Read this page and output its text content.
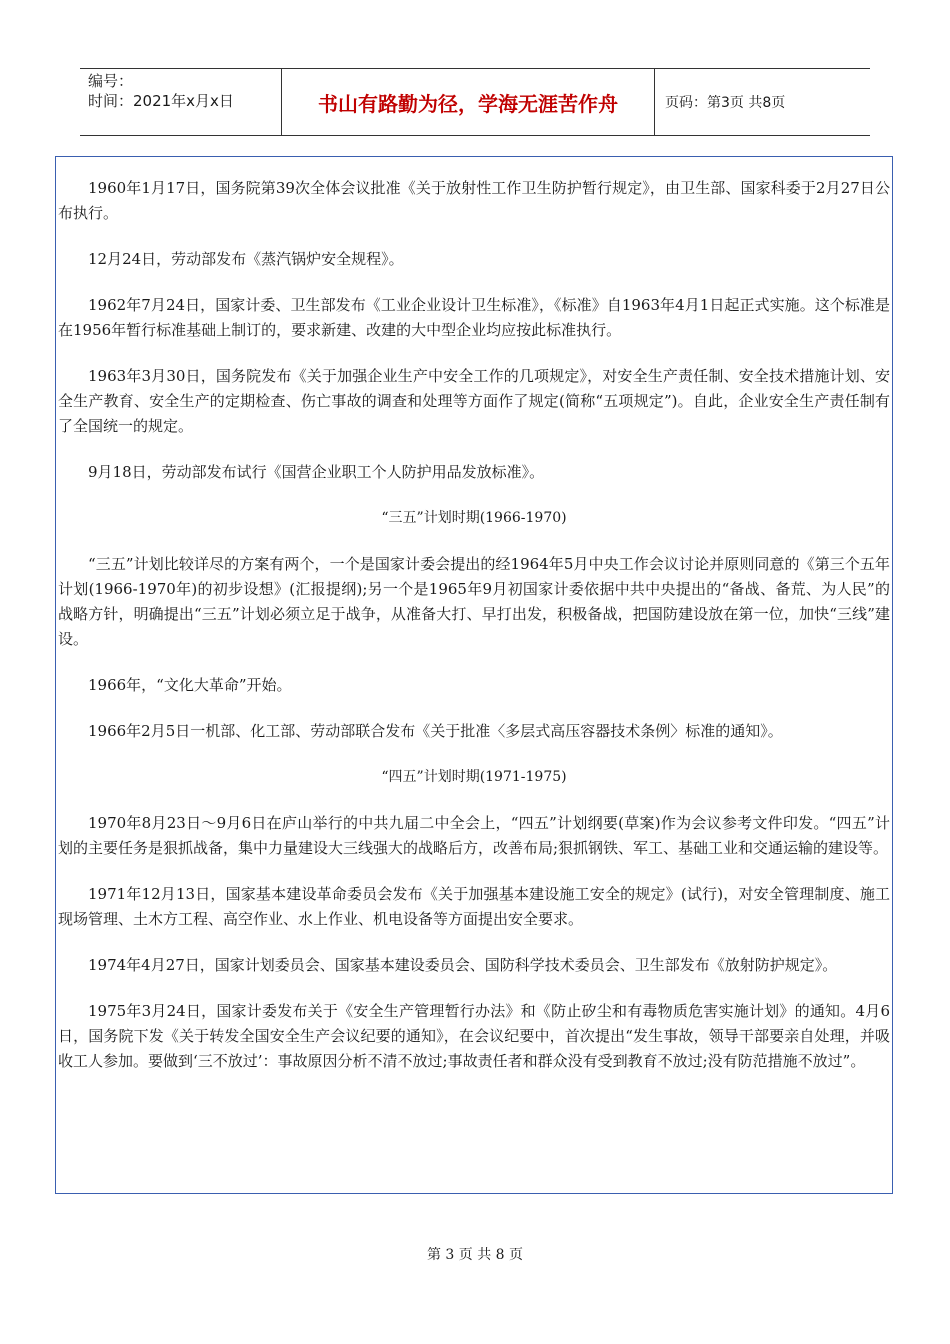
编号：
时间：2021年x月x日	书山有路勤为径，学海无涯苦作舟	页码：第3页 共8页

1960年1月17日，国务院第39次全体会议批准《关于放射性工作卫生防护暂行规定》，由卫生部、国家科委于2月27日公布执行。

12月24日，劳动部发布《蒸汽锅炉安全规程》。

1962年7月24日，国家计委、卫生部发布《工业企业设计卫生标准》，《标准》自1963年4月1日起正式实施。这个标准是在1956年暂行标准基础上制订的，要求新建、改建的大中型企业均应按此标准执行。

1963年3月30日，国务院发布《关于加强企业生产中安全工作的几项规定》，对安全生产责任制、安全技术措施计划、安全生产教育、安全生产的定期检查、伤亡事故的调查和处理等方面作了规定(简称“五项规定”)。自此，企业安全生产责任制有了全国统一的规定。

9月18日，劳动部发布试行《国营企业职工个人防护用品发放标准》。

“三五”计划时期(1966-1970)

“三五”计划比较详尽的方案有两个，一个是国家计委会提出的经1964年5月中央工作会议讨论并原则同意的《第三个五年计划(1966-1970年)的初步设想》(汇报提纲);另一个是1965年9月初国家计委依据中共中央提出的“备战、备荒、为人民”的战略方针，明确提出“三五”计划必须立足于战争，从准备大打、早打出发，积极备战，把国防建设放在第一位，加快“三线”建设。

1966年，“文化大革命”开始。

1966年2月5日一机部、化工部、劳动部联合发布《关于批准〈多层式高压容器技术条例〉标准的通知》。

“四五”计划时期(1971-1975)

1970年8月23日～9月6日在庐山举行的中共九届二中全会上，“四五”计划纲要(草案)作为会议参考文件印发。“四五”计划的主要任务是狠抓战备，集中力量建设大三线强大的战略后方，改善布局;狠抓钢铁、军工、基础工业和交通运输的建设等。

1971年12月13日，国家基本建设革命委员会发布《关于加强基本建设施工安全的规定》(试行)，对安全管理制度、施工现场管理、土木方工程、高空作业、水上作业、机电设备等方面提出安全要求。

1974年4月27日，国家计划委员会、国家基本建设委员会、国防科学技术委员会、卫生部发布《放射防护规定》。

1975年3月24日，国家计委发布关于《安全生产管理暂行办法》和《防止矽尘和有毒物质危害实施计划》的通知。4月6日，国务院下发《关于转发全国安全生产会议纪要的通知》，在会议纪要中，首次提出“发生事故，领导干部要亲自处理，并吸收工人参加。要做到‘三不放过’：事故原因分析不清不放过;事故责任者和群众没有受到教育不放过;没有防范措施不放过”。

第 3 页 共 8 页
